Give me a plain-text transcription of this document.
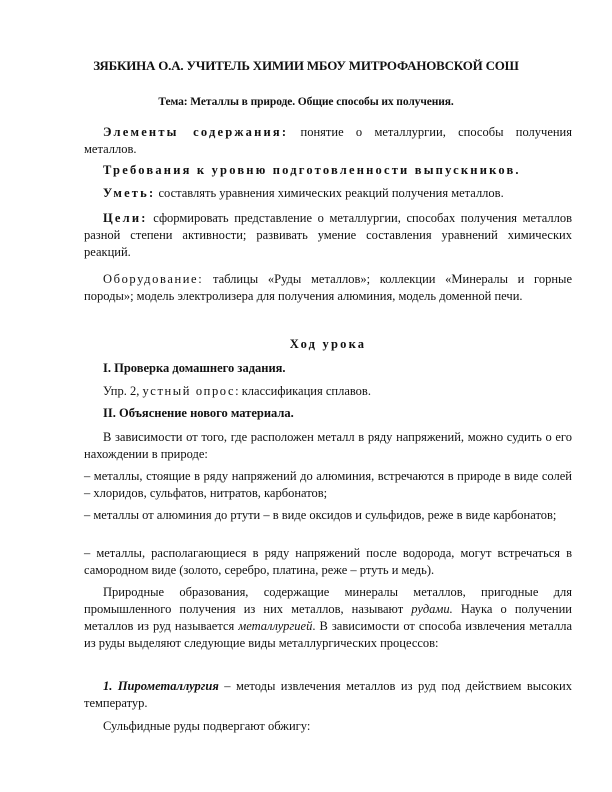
ЗЯБКИНА О.А. УЧИТЕЛЬ ХИМИИ МБОУ МИТРОФАНОВСКОЙ СОШ
Тема: Металлы в природе. Общие способы их получения.
Элементы содержания: понятие о металлургии, способы получения металлов.
Требования к уровню подготовленности выпускников.
Уметь: составлять уравнения химических реакций получения металлов.
Цели: сформировать представление о металлургии, способах получения металлов разной степени активности; развивать умение составления уравнений химических реакций.
Оборудование: таблицы «Руды металлов»; коллекции «Минералы и горные породы»; модель электролизера для получения алюминия, модель доменной печи.
Ход урока
I. Проверка домашнего задания.
Упр. 2, устный опрос: классификация сплавов.
II. Объяснение нового материала.
В зависимости от того, где расположен металл в ряду напряжений, можно судить о его нахождении в природе:
– металлы, стоящие в ряду напряжений до алюминия, встречаются в природе в виде солей – хлоридов, сульфатов, нитратов, карбонатов;
– металлы от алюминия до ртути – в виде оксидов и сульфидов, реже в виде карбонатов;
– металлы, располагающиеся в ряду напряжений после водорода, могут встречаться в самородном виде (золото, серебро, платина, реже – ртуть и медь).
Природные образования, содержащие минералы металлов, пригодные для промышленного получения из них металлов, называют рудами. Наука о получении металлов из руд называется металлургией. В зависимости от способа извлечения металла из руды выделяют следующие виды металлургических процессов:
1. Пирометаллургия – методы извлечения металлов из руд под действием высоких температур.
Сульфидные руды подвергают обжигу:
